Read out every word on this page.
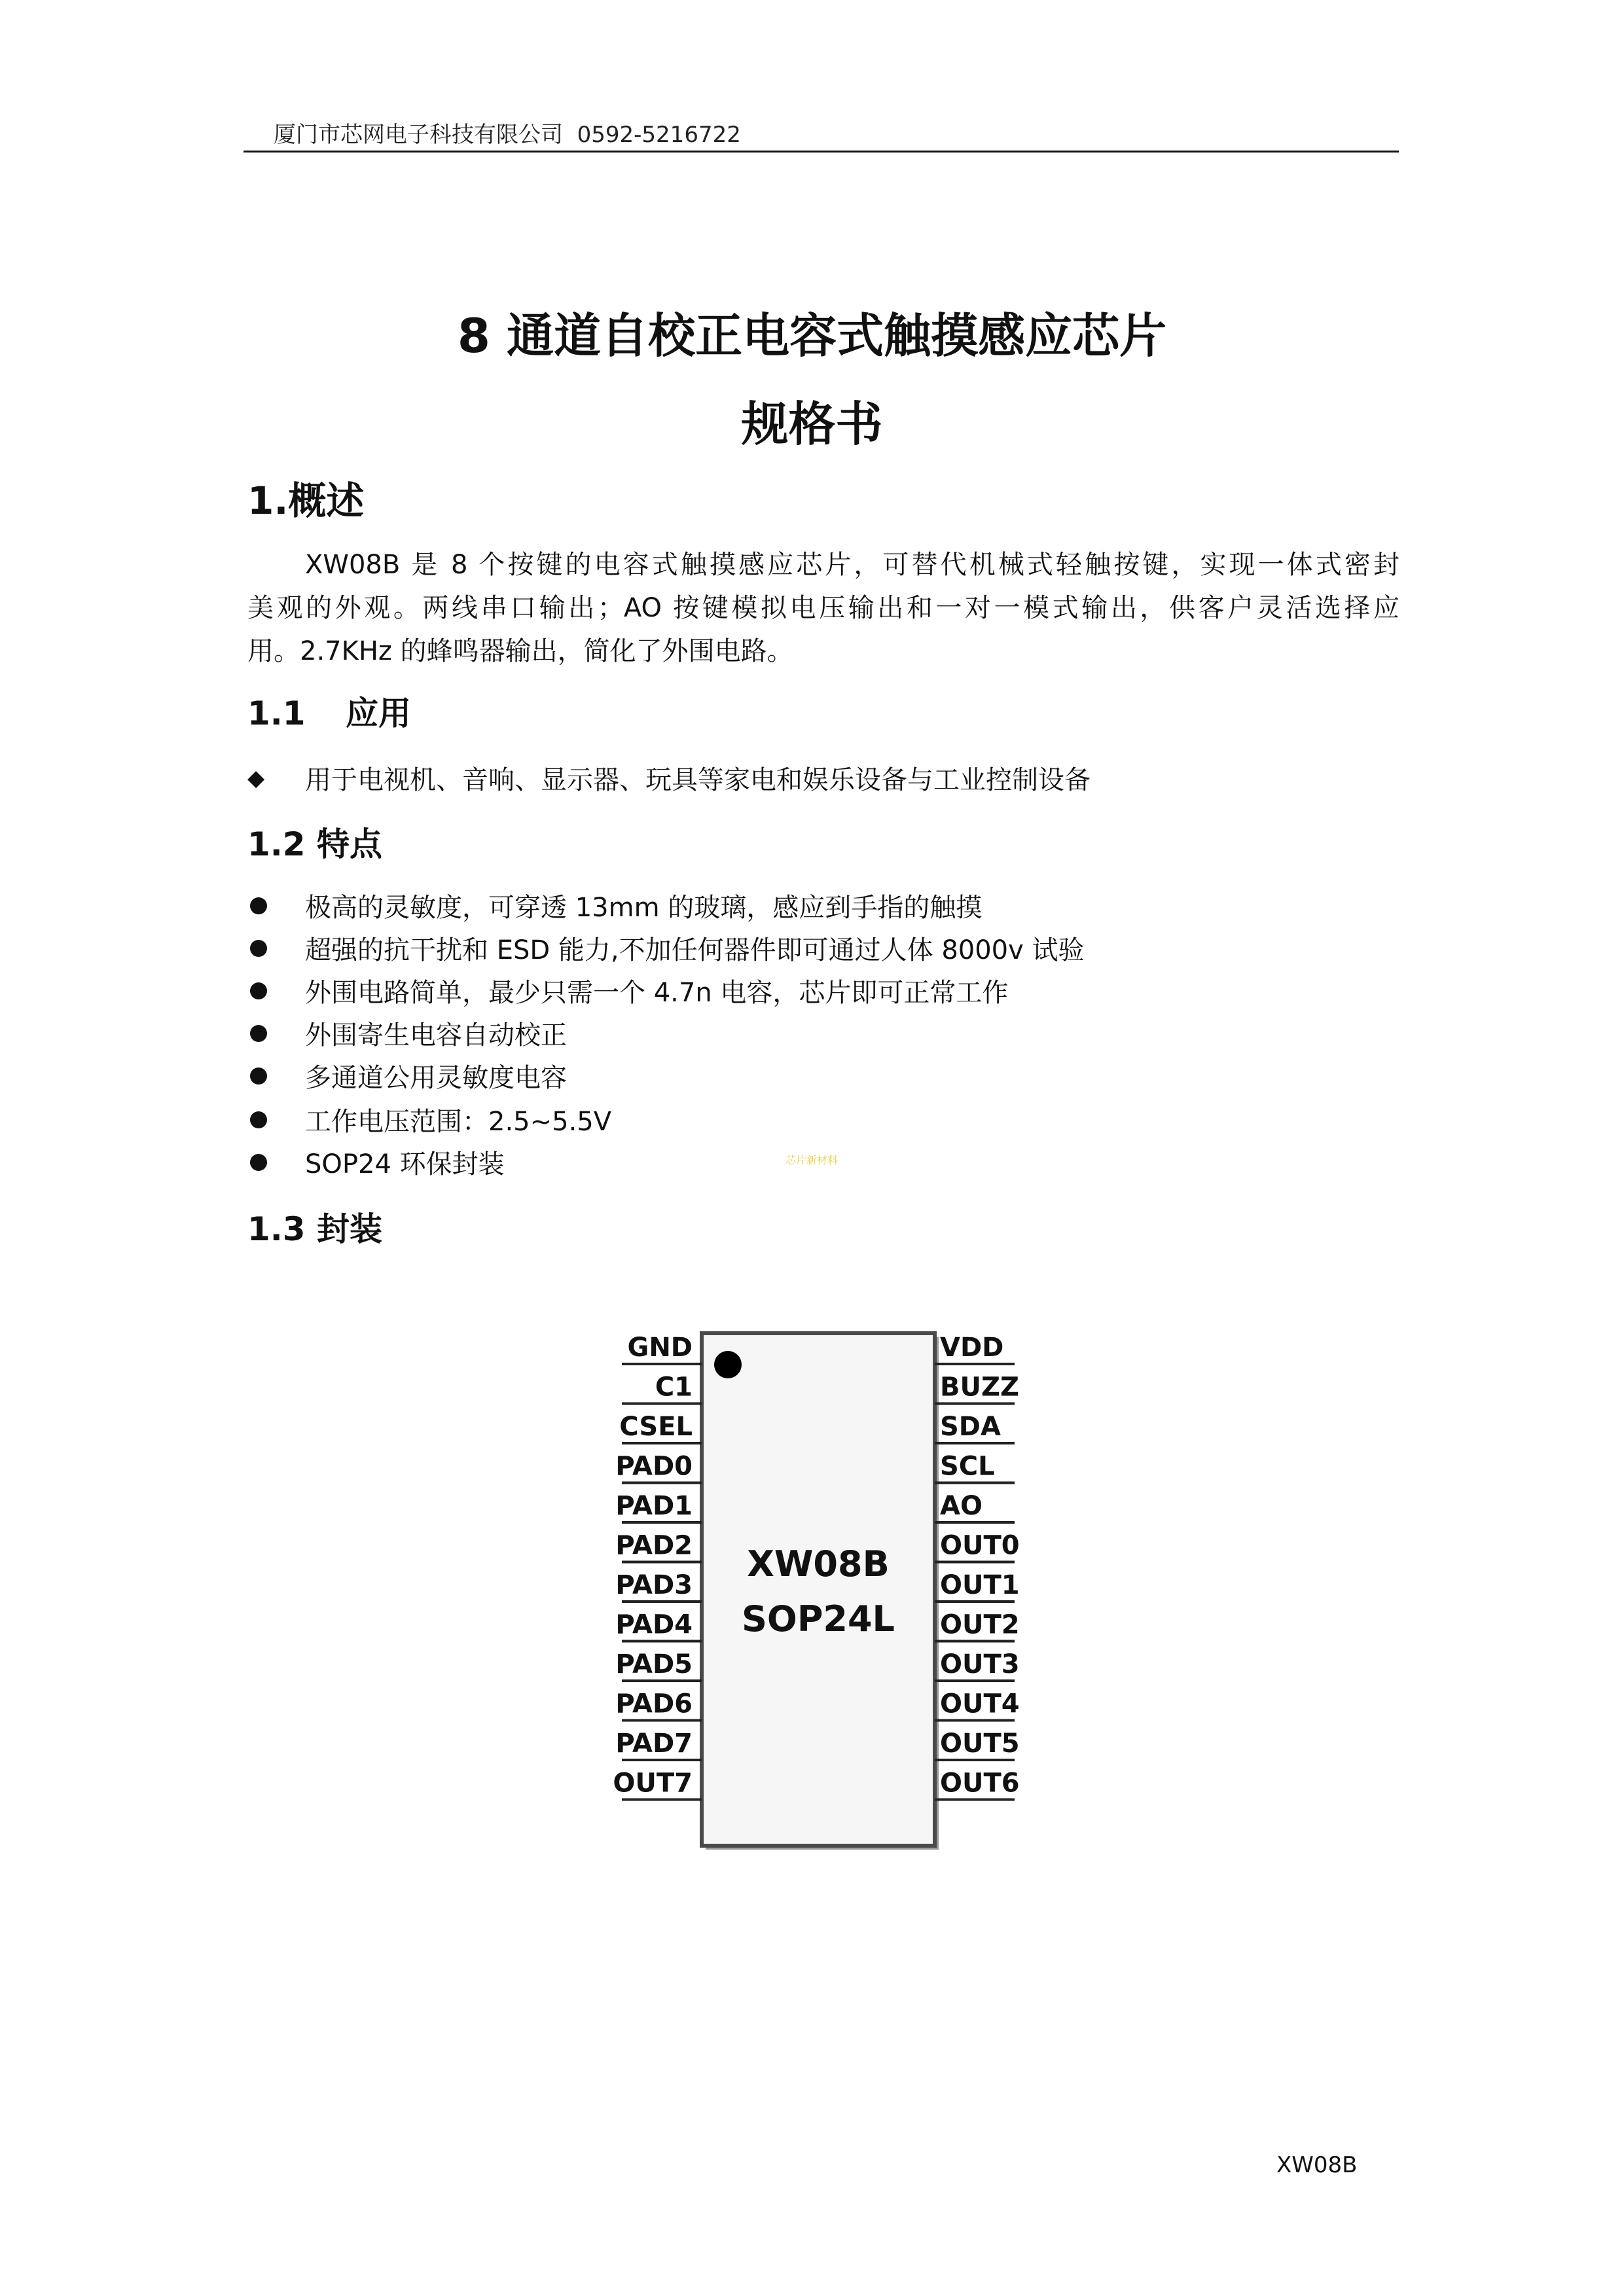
厦门市芯网电子科技有限公司 0592-5216722
8 通道自校正电容式触摸感应芯片
规格书
1.概述
XW08B 是 8 个按键的电容式触摸感应芯片，可替代机械式轻触按键，实现一体式密封
美观的外观。两线串口输出；AO 按键模拟电压输出和一对一模式输出，供客户灵活选择应
用。2.7KHz 的蜂鸣器输出，简化了外围电路。
1.1 应用
◆	用于电视机、音响、显示器、玩具等家电和娱乐设备与工业控制设备
1.2 特点
极高的灵敏度，可穿透 13mm 的玻璃，感应到手指的触摸
超强的抗干扰和 ESD 能力,不加任何器件即可通过人体 8000v 试验
外围电路简单，最少只需一个 4.7n 电容，芯片即可正常工作
外围寄生电容自动校正
多通道公用灵敏度电容
工作电压范围：2.5~5.5V
SOP24 环保封装	芯片新材料
1.3 封装
XW08B
SOP24L
GND
C1
CSEL
PAD0
PAD1
PAD2
PAD3
PAD4
PAD5
PAD6
PAD7
OUT7
VDD
BUZZ
SDA
SCL
AO
OUT0
OUT1
OUT2
OUT3
OUT4
OUT5
OUT6
XW08B
